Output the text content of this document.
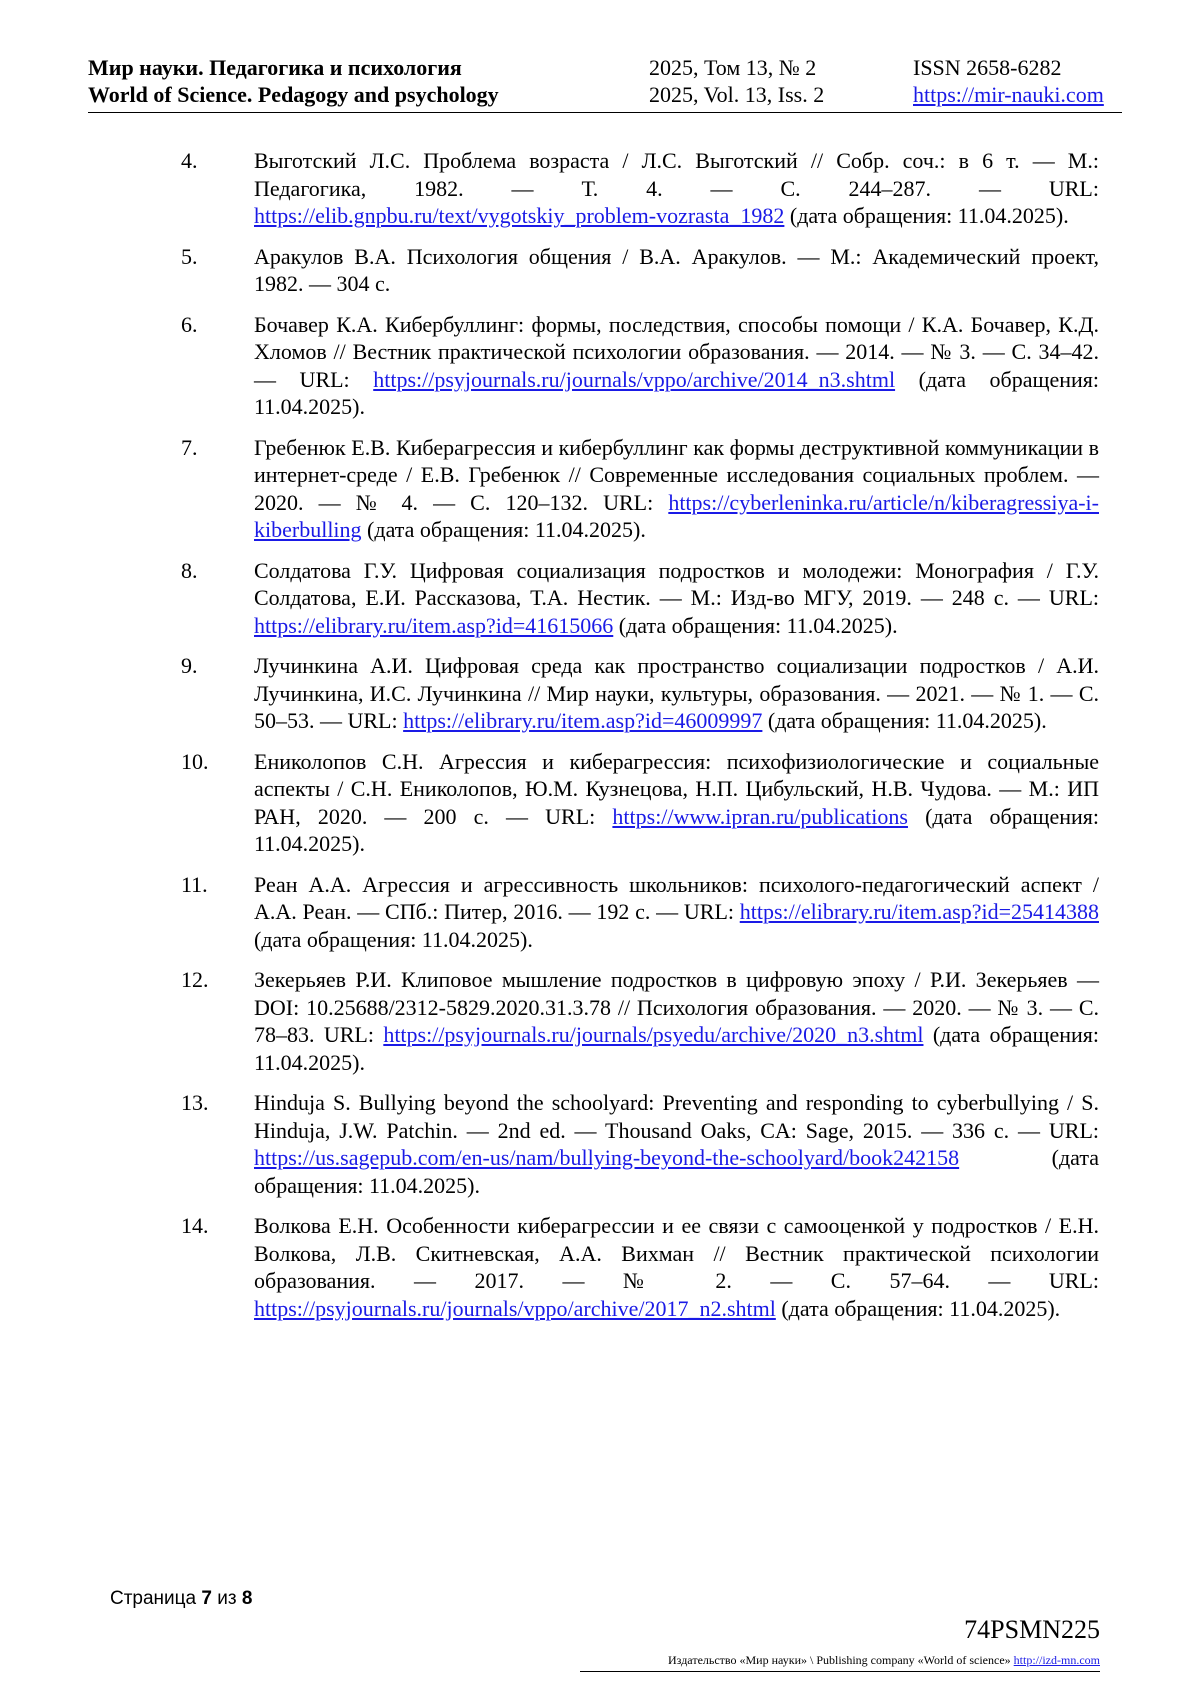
Мир науки. Педагогика и психология
World of Science. Pedagogy and psychology
2025, Том 13, № 2
2025, Vol. 13, Iss. 2
ISSN 2658-6282
https://mir-nauki.com
4.	Выготский Л.С. Проблема возраста / Л.С. Выготский // Собр. соч.: в 6 т. — М.: Педагогика, 1982. — Т. 4. — С. 244–287. — URL: https://elib.gnpbu.ru/text/vygotskiy_problem-vozrasta_1982 (дата обращения: 11.04.2025).
5.	Аракулов В.А. Психология общения / В.А. Аракулов. — М.: Академический проект, 1982. — 304 с.
6.	Бочавер К.А. Кибербуллинг: формы, последствия, способы помощи / К.А. Бочавер, К.Д. Хломов // Вестник практической психологии образования. — 2014. — № 3. — С. 34–42. — URL: https://psyjournals.ru/journals/vppo/archive/2014_n3.shtml (дата обращения: 11.04.2025).
7.	Гребенюк Е.В. Киберагрессия и кибербуллинг как формы деструктивной коммуникации в интернет-среде / Е.В. Гребенюк // Современные исследования социальных проблем. — 2020. — № 4. — С. 120–132. URL: https://cyberleninka.ru/article/n/kiberagressiya-i-kiberbulling (дата обращения: 11.04.2025).
8.	Солдатова Г.У. Цифровая социализация подростков и молодежи: Монография / Г.У. Солдатова, Е.И. Рассказова, Т.А. Нестик. — М.: Изд-во МГУ, 2019. — 248 с. — URL: https://elibrary.ru/item.asp?id=41615066 (дата обращения: 11.04.2025).
9.	Лучинкина А.И. Цифровая среда как пространство социализации подростков / А.И. Лучинкина, И.С. Лучинкина // Мир науки, культуры, образования. — 2021. — № 1. — С. 50–53. — URL: https://elibrary.ru/item.asp?id=46009997 (дата обращения: 11.04.2025).
10. Ениколопов С.Н. Агрессия и киберагрессия: психофизиологические и социальные аспекты / С.Н. Ениколопов, Ю.М. Кузнецова, Н.П. Цибульский, Н.В. Чудова. — М.: ИП РАН, 2020. — 200 с. — URL: https://www.ipran.ru/publications (дата обращения: 11.04.2025).
11. Реан А.А. Агрессия и агрессивность школьников: психолого-педагогический аспект / А.А. Реан. — СПб.: Питер, 2016. — 192 с. — URL: https://elibrary.ru/item.asp?id=25414388 (дата обращения: 11.04.2025).
12. Зекерьяев Р.И. Клиповое мышление подростков в цифровую эпоху / Р.И. Зекерьяев — DOI: 10.25688/2312-5829.2020.31.3.78 // Психология образования. — 2020. — № 3. — С. 78–83. URL: https://psyjournals.ru/journals/psyedu/archive/2020_n3.shtml (дата обращения: 11.04.2025).
13. Hinduja S. Bullying beyond the schoolyard: Preventing and responding to cyberbullying / S. Hinduja, J.W. Patchin. — 2nd ed. — Thousand Oaks, CA: Sage, 2015. — 336 с. — URL: https://us.sagepub.com/en-us/nam/bullying-beyond-the-schoolyard/book242158 (дата обращения: 11.04.2025).
14. Волкова Е.Н. Особенности киберагрессии и ее связи с самооценкой у подростков / Е.Н. Волкова, Л.В. Скитневская, А.А. Вихман // Вестник практической психологии образования. — 2017. — № 2. — С. 57–64. — URL: https://psyjournals.ru/journals/vppo/archive/2017_n2.shtml (дата обращения: 11.04.2025).
Страница 7 из 8
74PSMN225
Издательство «Мир науки» \ Publishing company «World of science» http://izd-mn.com
